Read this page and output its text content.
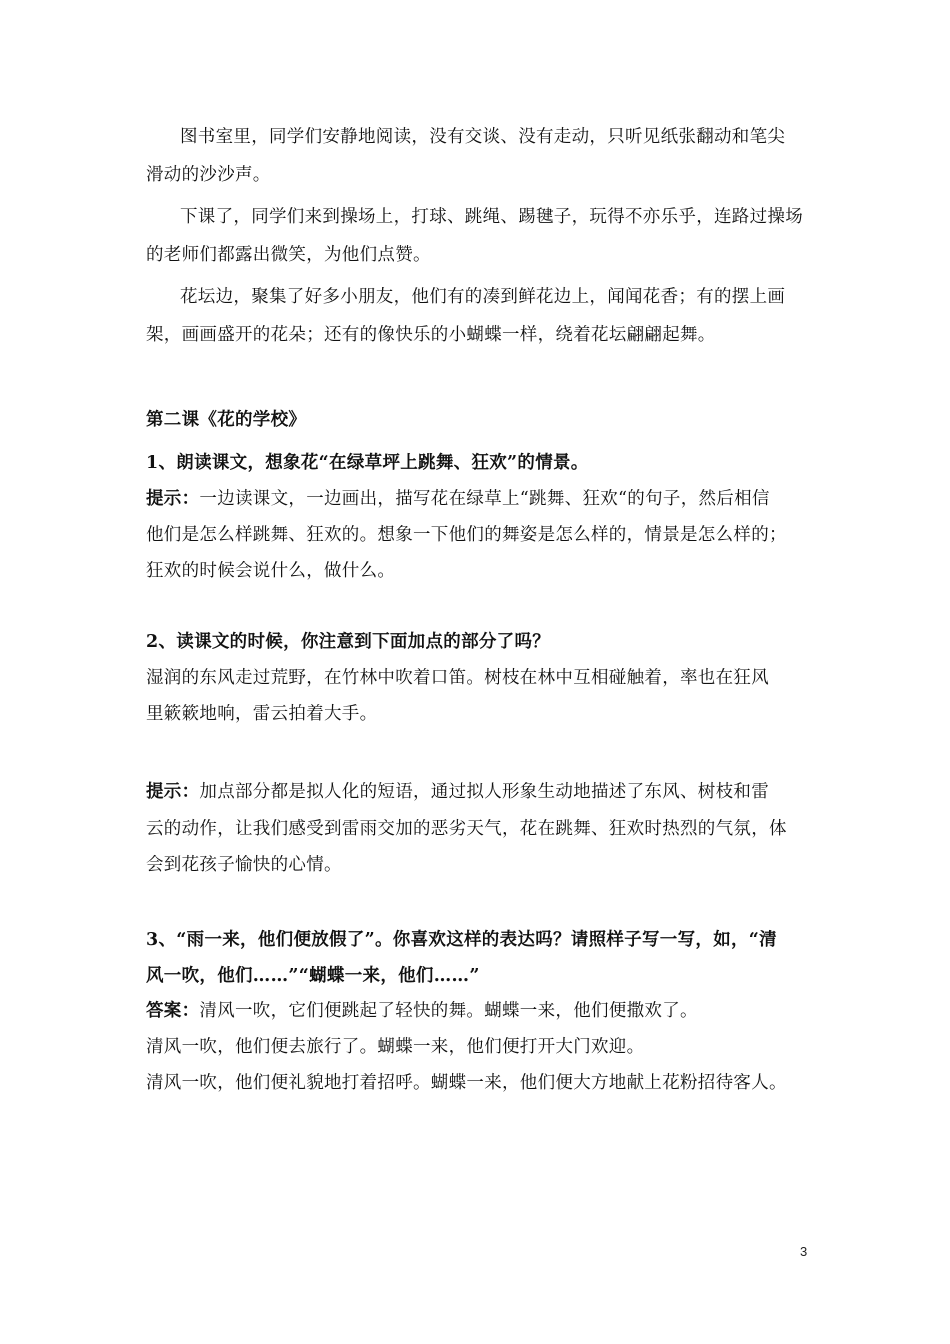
图书室里，同学们安静地阅读，没有交谈、没有走动，只听见纸张翻动和笔尖
滑动的沙沙声。
下课了，同学们来到操场上，打球、跳绳、踢毽子，玩得不亦乐乎，连路过操场
的老师们都露出微笑，为他们点赞。
花坛边，聚集了好多小朋友，他们有的凑到鲜花边上，闻闻花香；有的摆上画
架，画画盛开的花朵；还有的像快乐的小蝴蝶一样，绕着花坛翩翩起舞。
第二课《花的学校》
1、朗读课文，想象花“在绿草坪上跳舞、狂欢”的情景。
提示：一边读课文，一边画出，描写花在绿草上“跳舞、狂欢“的句子，然后相信
他们是怎么样跳舞、狂欢的。想象一下他们的舞姿是怎么样的，情景是怎么样的；
狂欢的时候会说什么，做什么。
2、读课文的时候，你注意到下面加点的部分了吗？
湿润的东风走过荒野，在竹林中吹着口笛。树枝在林中互相碰触着，率也在狂风
里簌簌地响，雷云拍着大手。
提示：加点部分都是拟人化的短语，通过拟人形象生动地描述了东风、树枝和雷
云的动作，让我们感受到雷雨交加的恶劣天气，花在跳舞、狂欢时热烈的气氛，体
会到花孩子愉快的心情。
3、“雨一来，他们便放假了”。你喜欢这样的表达吗？请照样子写一写，如，“清
风一吹，他们……”“蝴蝶一来，他们……”
答案：清风一吹，它们便跳起了轻快的舞。蝴蝶一来，他们便撒欢了。
清风一吹，他们便去旅行了。蝴蝶一来，他们便打开大门欢迎。
清风一吹，他们便礼貌地打着招呼。蝴蝶一来，他们便大方地献上花粉招待客人。
3
